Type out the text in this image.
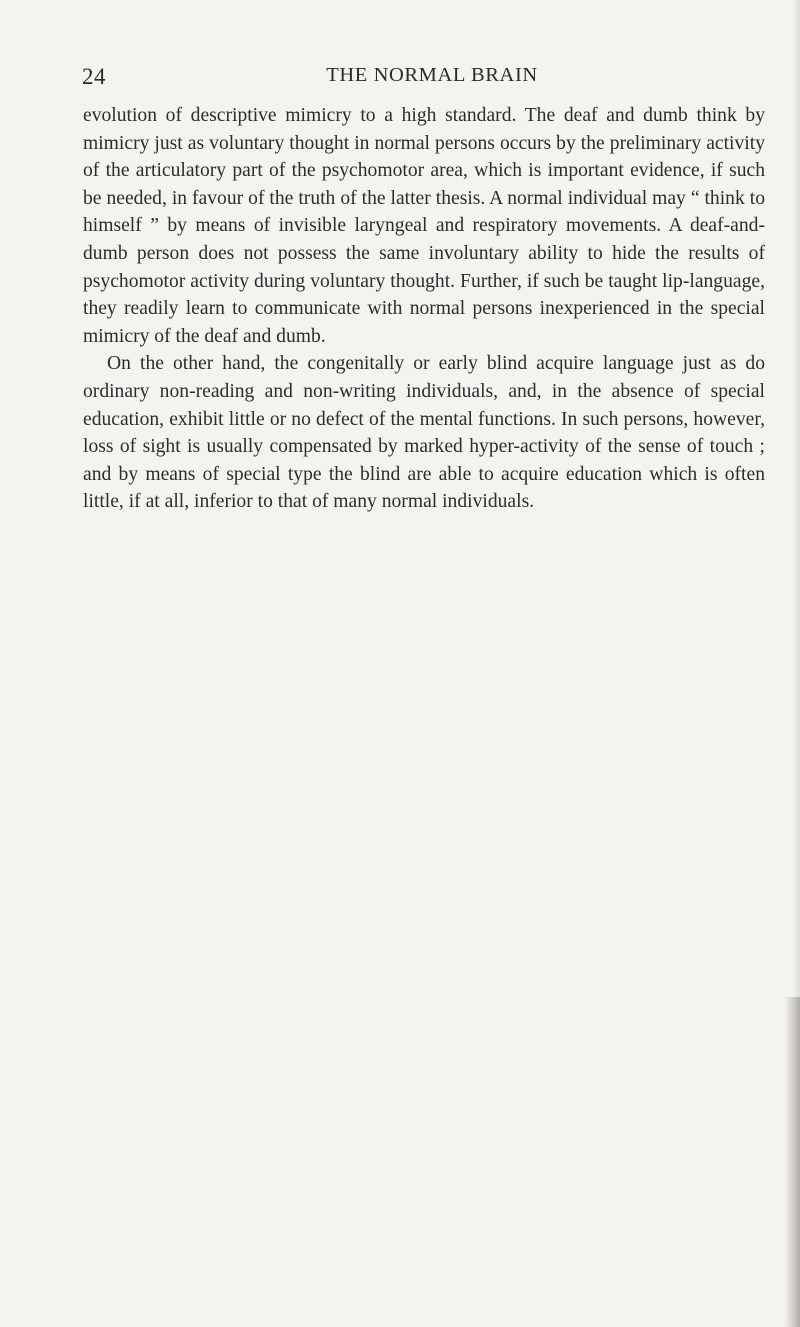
24	THE NORMAL BRAIN

evolution of descriptive mimicry to a high standard. The deaf and dumb think by mimicry just as voluntary thought in normal persons occurs by the preliminary activity of the articulatory part of the psychomotor area, which is important evidence, if such be needed, in favour of the truth of the latter thesis. A normal individual may “ think to himself ” by means of invisible laryngeal and respiratory movements. A deaf-and-dumb person does not possess the same involuntary ability to hide the results of psychomotor activity during voluntary thought. Further, if such be taught lip-language, they readily learn to communicate with normal persons inexperienced in the special mimicry of the deaf and dumb.

On the other hand, the congenitally or early blind acquire language just as do ordinary non-reading and non-writing individuals, and, in the absence of special education, exhibit little or no defect of the mental functions. In such persons, however, loss of sight is usually compensated by marked hyper-activity of the sense of touch ; and by means of special type the blind are able to acquire education which is often little, if at all, inferior to that of many normal individuals.
